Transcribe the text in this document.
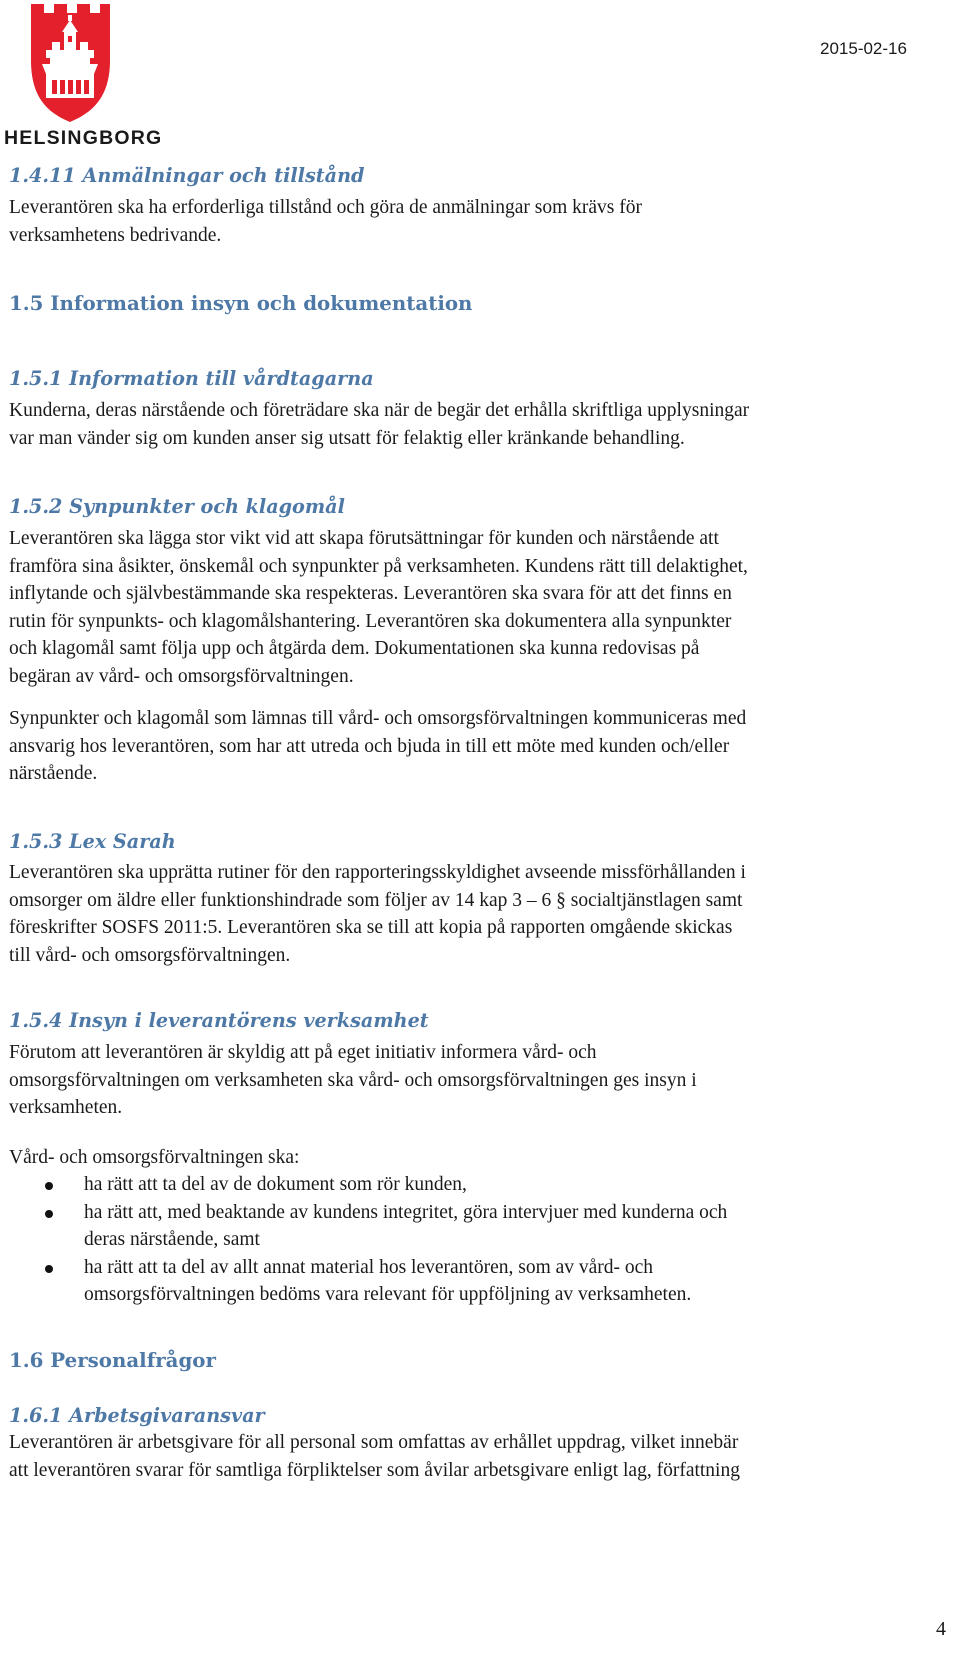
HELSINGBORG
2015-02-16
1.4.11 Anmälningar och tillstånd
Leverantören ska ha erforderliga tillstånd och göra de anmälningar som krävs för
verksamhetens bedrivande.
1.5 Information insyn och dokumentation
1.5.1 Information till vårdtagarna
Kunderna, deras närstående och företrädare ska när de begär det erhålla skriftliga upplysningar
var man vänder sig om kunden anser sig utsatt för felaktig eller kränkande behandling.
1.5.2 Synpunkter och klagomål
Leverantören ska lägga stor vikt vid att skapa förutsättningar för kunden och närstående att
framföra sina åsikter, önskemål och synpunkter på verksamheten. Kundens rätt till delaktighet,
inflytande och självbestämmande ska respekteras. Leverantören ska svara för att det finns en
rutin för synpunkts- och klagomålshantering. Leverantören ska dokumentera alla synpunkter
och klagomål samt följa upp och åtgärda dem. Dokumentationen ska kunna redovisas på
begäran av vård- och omsorgsförvaltningen.
Synpunkter och klagomål som lämnas till vård- och omsorgsförvaltningen kommuniceras med
ansvarig hos leverantören, som har att utreda och bjuda in till ett möte med kunden och/eller
närstående.
1.5.3 Lex Sarah
Leverantören ska upprätta rutiner för den rapporteringsskyldighet avseende missförhållanden i
omsorger om äldre eller funktionshindrade som följer av 14 kap 3 – 6 § socialtjänstlagen samt
föreskrifter SOSFS 2011:5. Leverantören ska se till att kopia på rapporten omgående skickas
till vård- och omsorgsförvaltningen.
1.5.4 Insyn i leverantörens verksamhet
Förutom att leverantören är skyldig att på eget initiativ informera vård- och
omsorgsförvaltningen om verksamheten ska vård- och omsorgsförvaltningen ges insyn i
verksamheten.
Vård- och omsorgsförvaltningen ska:
ha rätt att ta del av de dokument som rör kunden,
ha rätt att, med beaktande av kundens integritet, göra intervjuer med kunderna och
deras närstående, samt
ha rätt att ta del av allt annat material hos leverantören, som av vård- och
omsorgsförvaltningen bedöms vara relevant för uppföljning av verksamheten.
1.6 Personalfrågor
1.6.1 Arbetsgivaransvar
Leverantören är arbetsgivare för all personal som omfattas av erhållet uppdrag, vilket innebär
att leverantören svarar för samtliga förpliktelser som åvilar arbetsgivare enligt lag, författning
4
